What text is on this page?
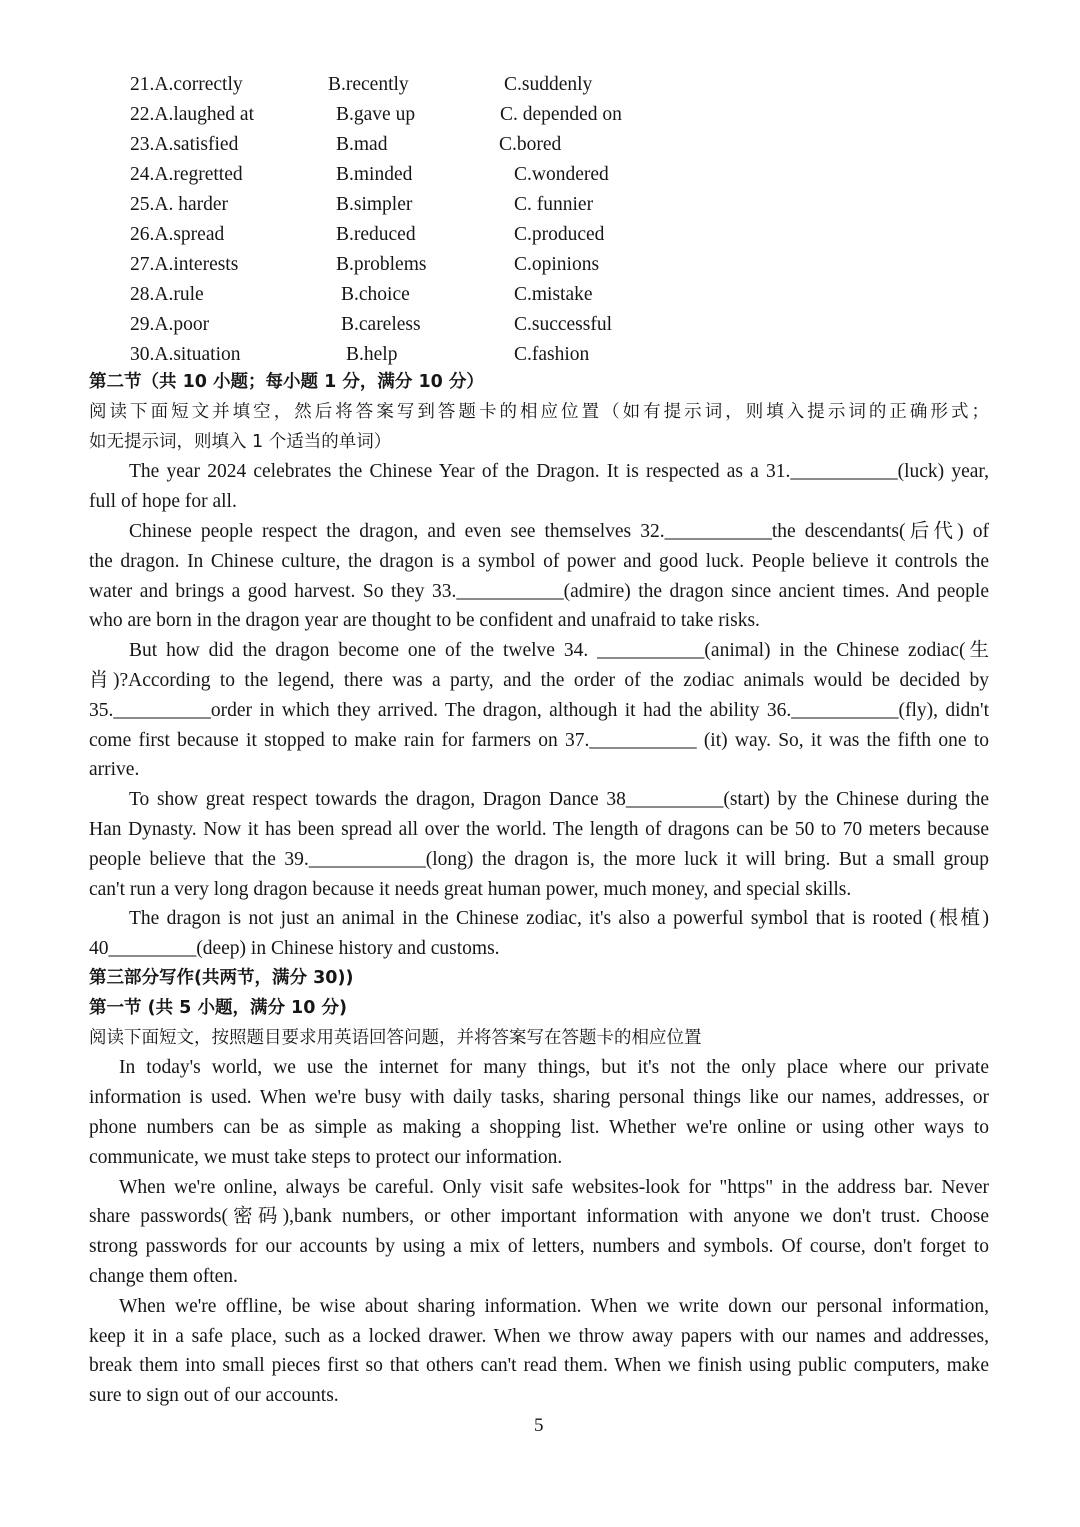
21.A.correctly	B.recently	C.suddenly
22.A.laughed at	B.gave up	C. depended on
23.A.satisfied	B.mad	C.bored
24.A.regretted	B.minded	C.wondered
25.A. harder	B.simpler	C. funnier
26.A.spread	B.reduced	C.produced
27.A.interests	B.problems	C.opinions
28.A.rule	B.choice	C.mistake
29.A.poor	B.careless	C.successful
30.A.situation	B.help	C.fashion
第二节（共 10 小题；每小题 1 分，满分 10 分）
阅读下面短文并填空，然后将答案写到答题卡的相应位置（如有提示词，则填入提示词的正确形式；
如无提示词，则填入 1 个适当的单词）
The year 2024 celebrates the Chinese Year of the Dragon. It is respected as a 31.___________(luck) year,
full of hope for all.
Chinese people respect the dragon, and even see themselves 32.___________the descendants(后代) of
the dragon. In Chinese culture, the dragon is a symbol of power and good luck. People believe it controls the
water and brings a good harvest. So they 33.___________(admire) the dragon since ancient times. And people
who are born in the dragon year are thought to be confident and unafraid to take risks.
But how did the dragon become one of the twelve 34. ___________(animal) in the Chinese zodiac(生
肖)?According to the legend, there was a party, and the order of the zodiac animals would be decided by
35.__________order in which they arrived. The dragon, although it had the ability 36.___________(fly), didn't
come first because it stopped to make rain for farmers on 37.___________ (it) way. So, it was the fifth one to
arrive.
To show great respect towards the dragon, Dragon Dance 38__________(start) by the Chinese during the
Han Dynasty. Now it has been spread all over the world. The length of dragons can be 50 to 70 meters because
people believe that the 39.____________(long) the dragon is, the more luck it will bring. But a small group
can't run a very long dragon because it needs great human power, much money, and special skills.
The dragon is not just an animal in the Chinese zodiac, it's also a powerful symbol that is rooted (根植)
40_________(deep) in Chinese history and customs.
第三部分写作(共两节，满分 30))
第一节 (共 5 小题，满分 10 分)
阅读下面短文，按照题目要求用英语回答问题，并将答案写在答题卡的相应位置
In today's world, we use the internet for many things, but it's not the only place where our private
information is used. When we're busy with daily tasks, sharing personal things like our names, addresses, or
phone numbers can be as simple as making a shopping list. Whether we're online or using other ways to
communicate, we must take steps to protect our information.
When we're online, always be careful. Only visit safe websites-look for "https" in the address bar. Never
share passwords(密码),bank numbers, or other important information with anyone we don't trust. Choose
strong passwords for our accounts by using a mix of letters, numbers and symbols. Of course, don't forget to
change them often.
When we're offline, be wise about sharing information. When we write down our personal information,
keep it in a safe place, such as a locked drawer. When we throw away papers with our names and addresses,
break them into small pieces first so that others can't read them. When we finish using public computers, make
sure to sign out of our accounts.
5
